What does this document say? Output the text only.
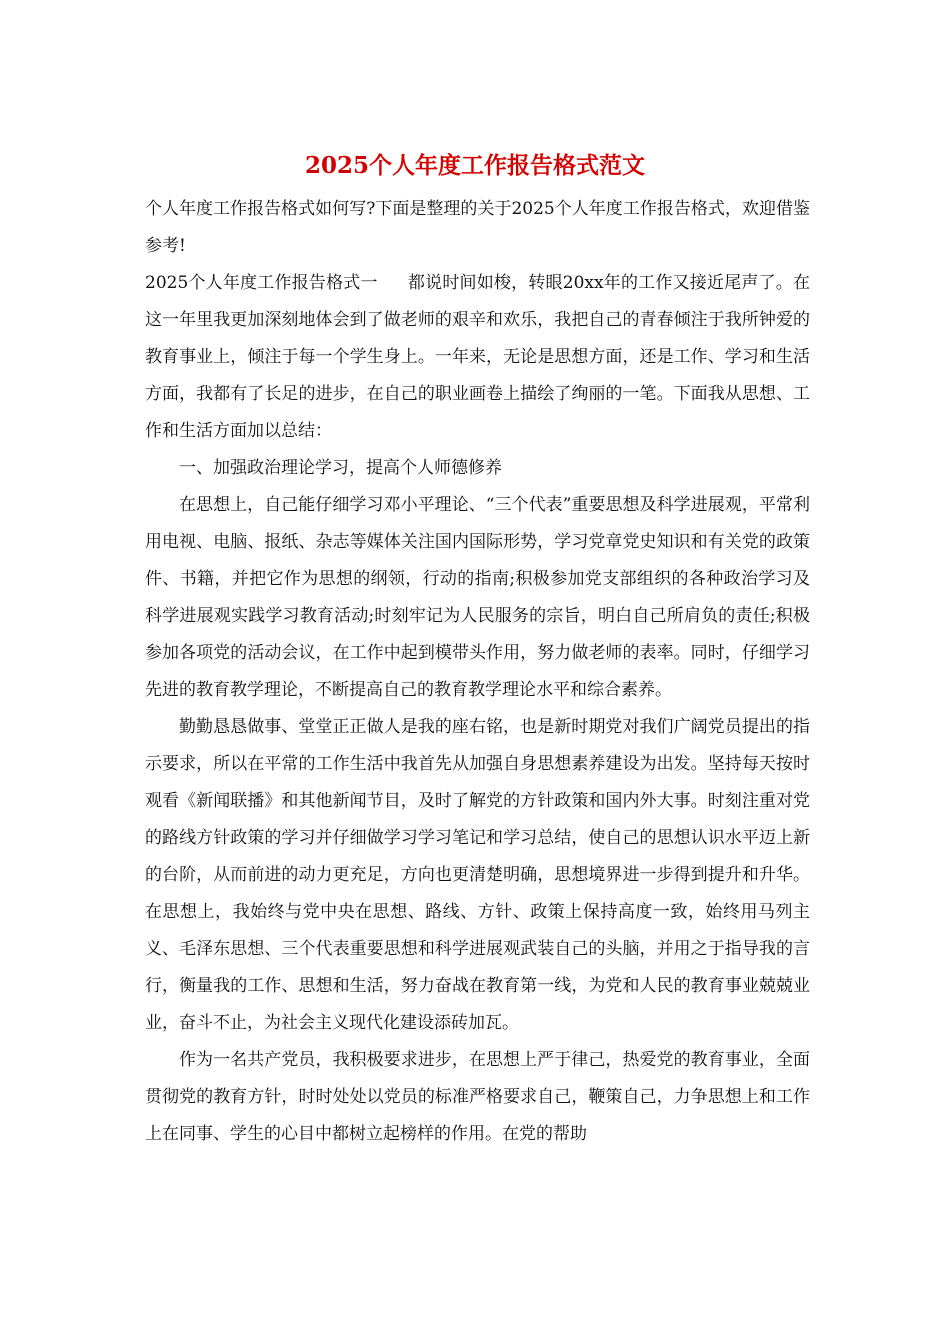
2025个人年度工作报告格式范文

个人年度工作报告格式如何写?下面是整理的关于2025个人年度工作报告格式，欢迎借鉴参考!

2025个人年度工作报告格式一 都说时间如梭，转眼20xx年的工作又接近尾声了。在这一年里我更加深刻地体会到了做老师的艰辛和欢乐，我把自己的青春倾注于我所钟爱的教育事业上，倾注于每一个学生身上。一年来，无论是思想方面，还是工作、学习和生活方面，我都有了长足的进步，在自己的职业画卷上描绘了绚丽的一笔。下面我从思想、工作和生活方面加以总结：

一、加强政治理论学习，提高个人师德修养

在思想上，自己能仔细学习邓小平理论、“三个代表”重要思想及科学进展观，平常利用电视、电脑、报纸、杂志等媒体关注国内国际形势，学习党章党史知识和有关党的政策件、书籍，并把它作为思想的纲领，行动的指南;积极参加党支部组织的各种政治学习及科学进展观实践学习教育活动;时刻牢记为人民服务的宗旨，明白自己所肩负的责任;积极参加各项党的活动会议，在工作中起到模带头作用，努力做老师的表率。同时，仔细学习先进的教育教学理论，不断提高自己的教育教学理论水平和综合素养。

勤勤恳恳做事、堂堂正正做人是我的座右铭，也是新时期党对我们广阔党员提出的指示要求，所以在平常的工作生活中我首先从加强自身思想素养建设为出发。坚持每天按时观看《新闻联播》和其他新闻节目，及时了解党的方针政策和国内外大事。时刻注重对党的路线方针政策的学习并仔细做学习学习笔记和学习总结，使自己的思想认识水平迈上新的台阶，从而前进的动力更充足，方向也更清楚明确，思想境界进一步得到提升和升华。在思想上，我始终与党中央在思想、路线、方针、政策上保持高度一致，始终用马列主义、毛泽东思想、三个代表重要思想和科学进展观武装自己的头脑，并用之于指导我的言行，衡量我的工作、思想和生活，努力奋战在教育第一线，为党和人民的教育事业兢兢业业，奋斗不止，为社会主义现代化建设添砖加瓦。

作为一名共产党员，我积极要求进步，在思想上严于律己，热爱党的教育事业，全面贯彻党的教育方针，时时处处以党员的标准严格要求自己，鞭策自己，力争思想上和工作上在同事、学生的心目中都树立起榜样的作用。在党的帮助
